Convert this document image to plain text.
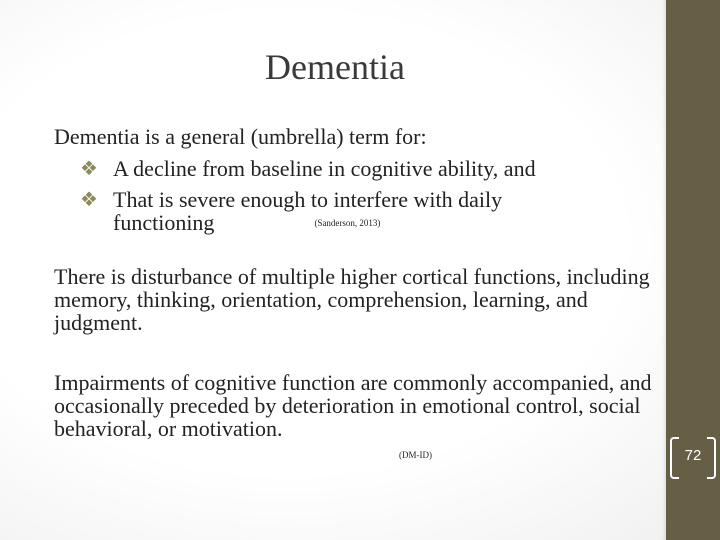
Dementia
Dementia is a general (umbrella) term for:
❖ A decline from baseline in cognitive ability, and
❖ That is severe enough to interfere with daily functioning	(Sanderson, 2013)
There is disturbance of multiple higher cortical functions, including memory, thinking, orientation, comprehension, learning, and judgment.
Impairments of cognitive function are commonly accompanied, and occasionally preceded by deterioration in emotional control, social behavioral, or motivation.
(DM-ID)	72
